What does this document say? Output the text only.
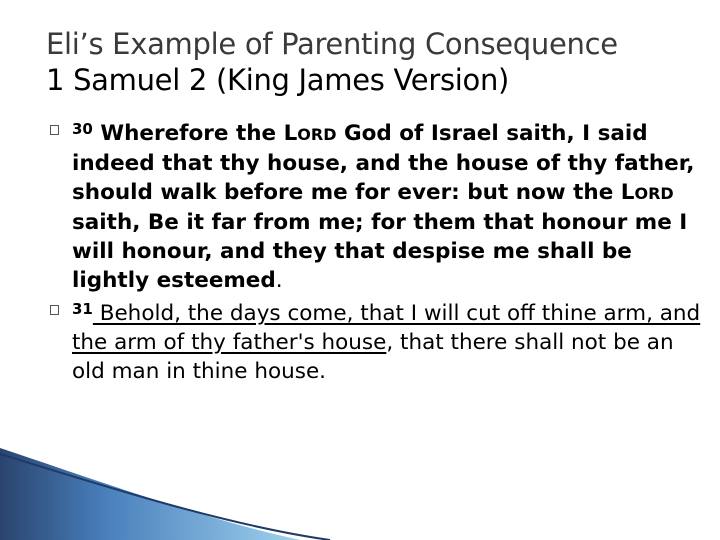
Eli’s Example of Parenting Consequence
1 Samuel 2 (King James Version)

$^{30}$ Wherefore the LORD God of Israel saith, I said indeed that thy house, and the house of thy father, should walk before me for ever: but now the LORD saith, Be it far from me; for them that honour me I will honour, and they that despise me shall be lightly esteemed.

$^{31}$ Behold, the days come, that I will cut off thine arm, and the arm of thy father's house, that there shall not be an old man in thine house.
